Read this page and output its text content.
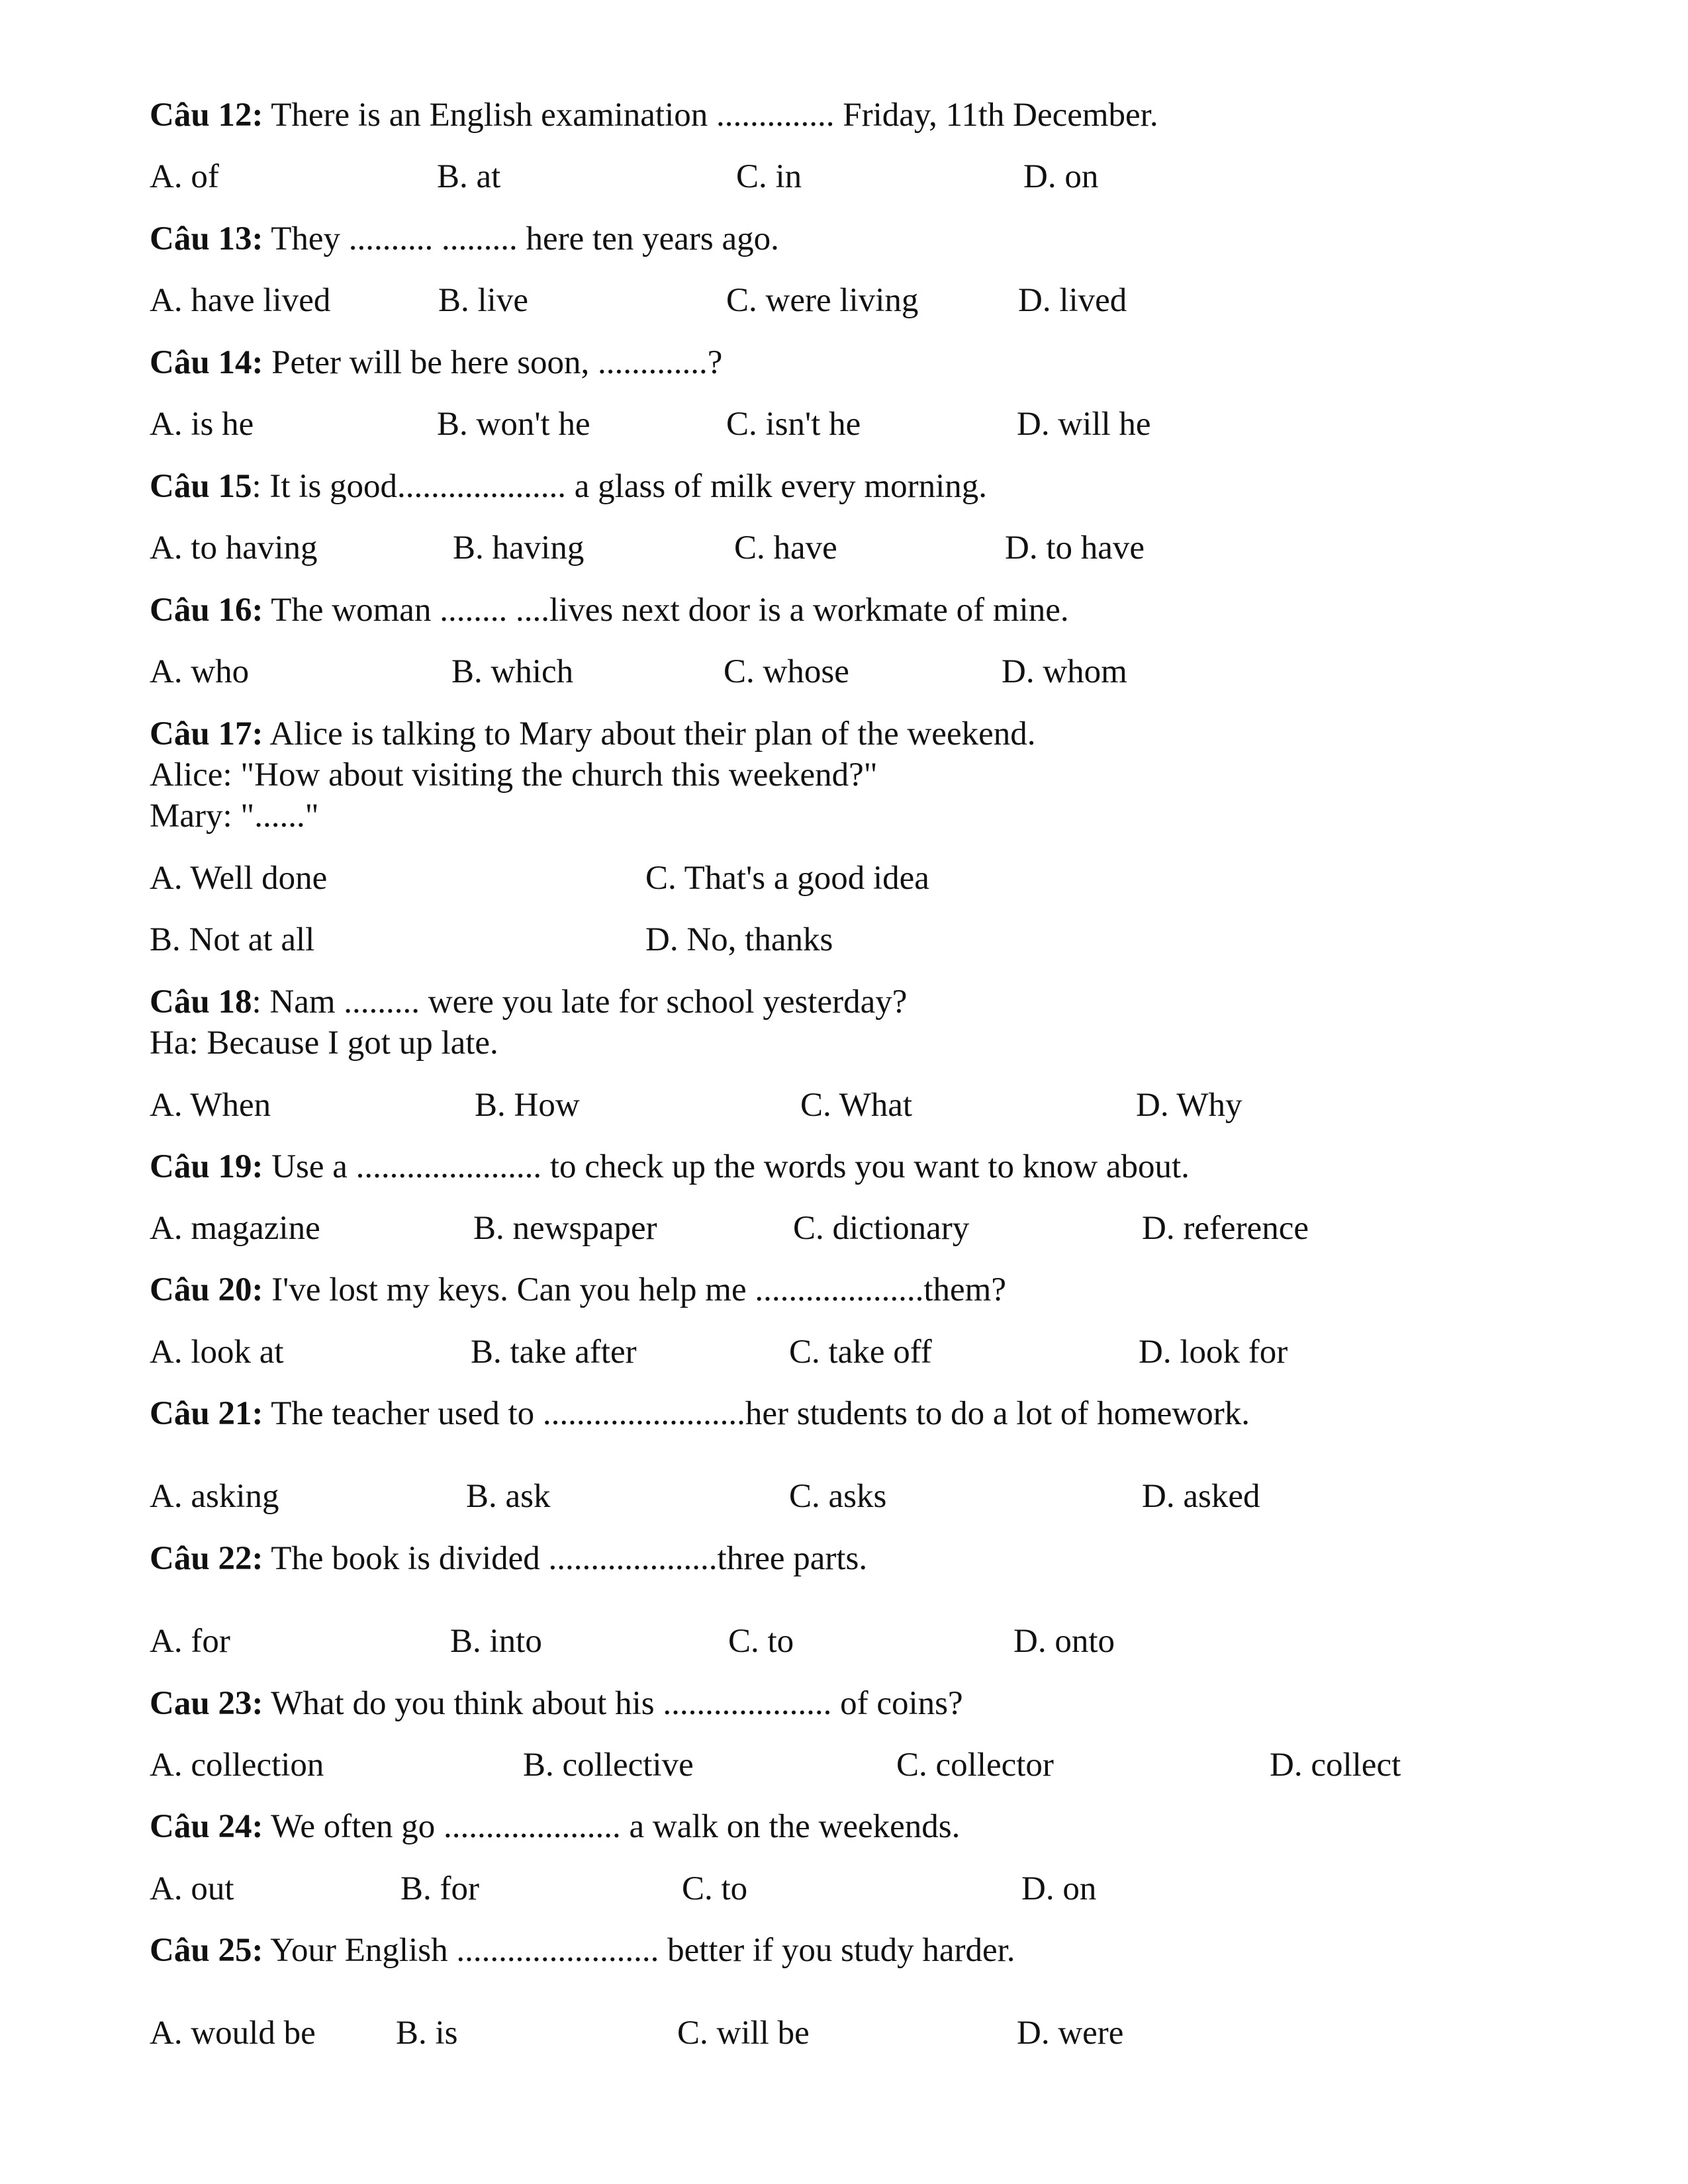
Câu 12: There is an English examination .............. Friday, 11th December.
A. of	B. at	C. in	D. on
Câu 13: They .......... ......... here ten years ago.
A. have lived	B. live	C. were living	D. lived
Câu 14: Peter will be here soon, .............?
A. is he	B. won't he	C. isn't he	D. will he
Câu 15: It is good.................... a glass of milk every morning.
A. to having	B. having	C. have	D. to have
Câu 16: The woman ........ ....lives next door is a workmate of mine.
A. who	B. which	C. whose	D. whom
Câu 17: Alice is talking to Mary about their plan of the weekend.
Alice: "How about visiting the church this weekend?"
Mary: "......"
A. Well done	C. That's a good idea
B. Not at all	D. No, thanks
Câu 18: Nam ......... were you late for school yesterday?
Ha: Because I got up late.
A. When	B. How	C. What	D. Why
Câu 19: Use a ...................... to check up the words you want to know about.
A. magazine	B. newspaper	C. dictionary	D. reference
Câu 20: I've lost my keys. Can you help me ....................them?
A. look at	B. take after	C. take off	D. look for
Câu 21: The teacher used to ........................her students to do a lot of homework.
A. asking	B. ask	C. asks	D. asked
Câu 22: The book is divided ....................three parts.
A. for	B. into	C. to	D. onto
Cau 23: What do you think about his .................... of coins?
A. collection	B. collective	C. collector	D. collect
Câu 24: We often go ..................... a walk on the weekends.
A. out	B. for	C. to	D. on
Câu 25: Your English ........................ better if you study harder.
A. would be B. is	C. will be	D. were
